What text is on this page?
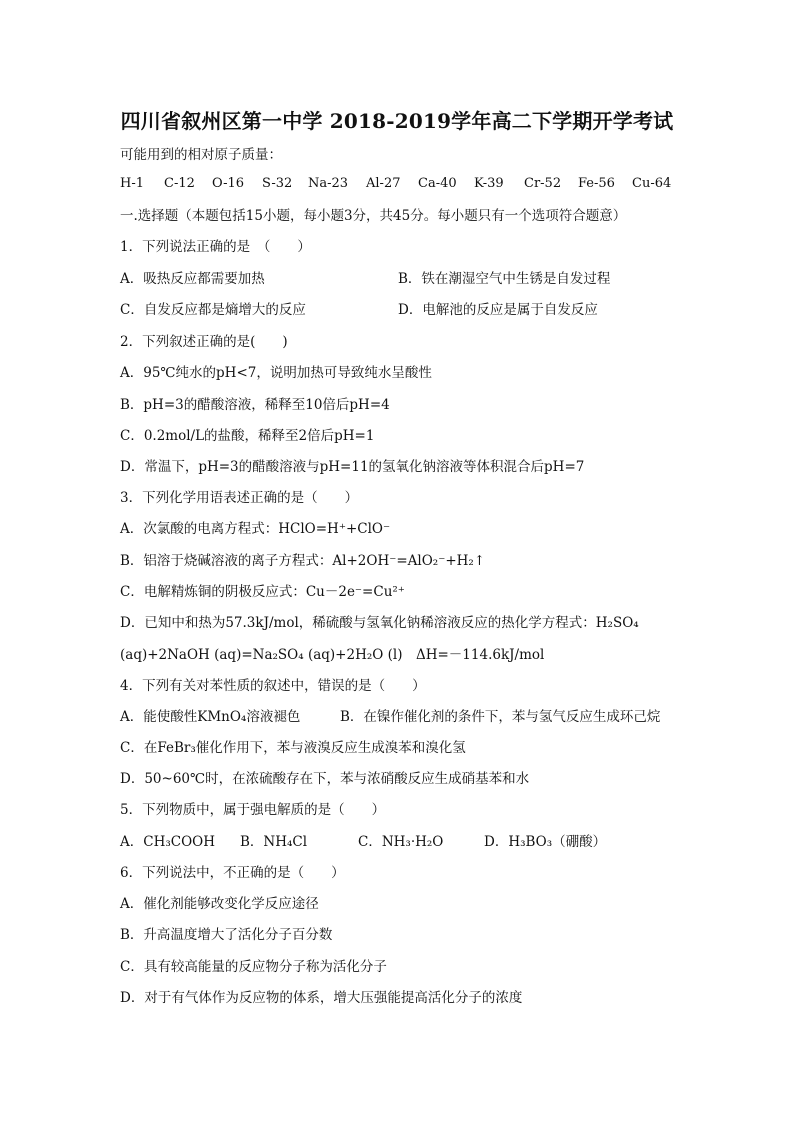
四川省叙州区第一中学 2018-2019学年高二下学期开学考试
可能用到的相对原子质量：
H-1 C-12 O-16 S-32 Na-23 Al-27 Ca-40 K-39 Cr-52 Fe-56 Cu-64
一.选择题（本题包括15小题，每小题3分，共45分。每小题只有一个选项符合题意）
1．下列说法正确的是　（　　）
A．吸热反应都需要加热	B．铁在潮湿空气中生锈是自发过程
C．自发反应都是熵增大的反应	D．电解池的反应是属于自发反应
2．下列叙述正确的是(　　)
A．95℃纯水的pH<7，说明加热可导致纯水呈酸性
B．pH=3的醋酸溶液，稀释至10倍后pH=4
C．0.2mol/L的盐酸，稀释至2倍后pH=1
D．常温下，pH=3的醋酸溶液与pH=11的氢氧化钠溶液等体积混合后pH=7
3．下列化学用语表述正确的是（　　）
A．次氯酸的电离方程式：HClO=H⁺+ClO⁻
B．铝溶于烧碱溶液的离子方程式：Al+2OH⁻=AlO₂⁻+H₂↑
C．电解精炼铜的阴极反应式：Cu－2e⁻=Cu²⁺
D．已知中和热为57.3kJ/mol，稀硫酸与氢氧化钠稀溶液反应的热化学方程式：H₂SO₄
(aq)+2NaOH (aq)=Na₂SO₄ (aq)+2H₂O (l)　ΔH=－114.6kJ/mol
4．下列有关对苯性质的叙述中，错误的是（　　）
A．能使酸性KMnO₄溶液褪色	B．在镍作催化剂的条件下，苯与氢气反应生成环己烷
C．在FeBr₃催化作用下，苯与液溴反应生成溴苯和溴化氢
D．50~60℃时，在浓硫酸存在下，苯与浓硝酸反应生成硝基苯和水
5．下列物质中，属于强电解质的是（　　）
A．CH₃COOH B．NH₄Cl	C．NH₃·H₂O	D．H₃BO₃（硼酸）
6．下列说法中，不正确的是（　　）
A．催化剂能够改变化学反应途径
B．升高温度增大了活化分子百分数
C．具有较高能量的反应物分子称为活化分子
D．对于有气体作为反应物的体系，增大压强能提高活化分子的浓度
